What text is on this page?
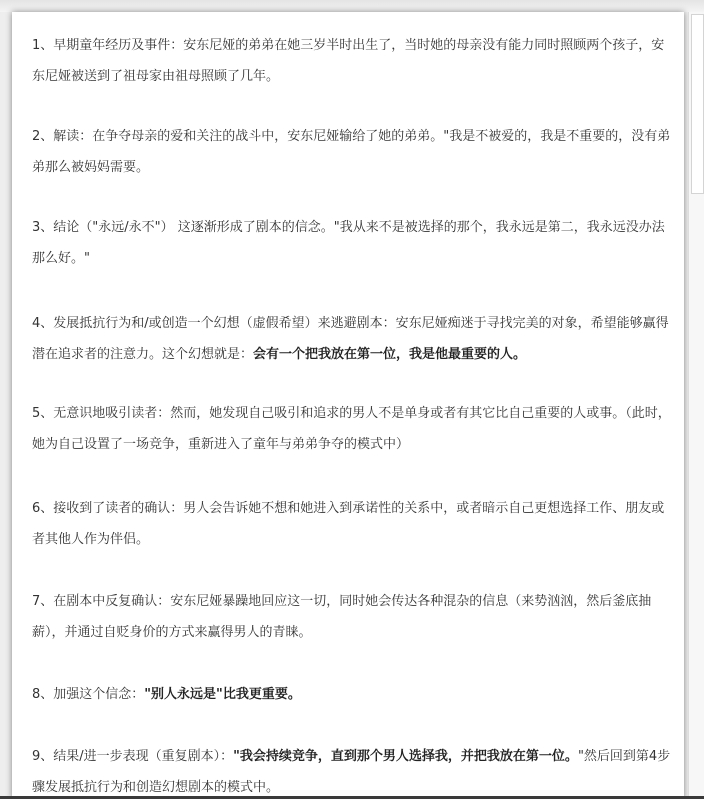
1、早期童年经历及事件：安东尼娅的弟弟在她三岁半时出生了，当时她的母亲没有能力同时照顾两个孩子，安东尼娅被送到了祖母家由祖母照顾了几年。

2、解读：在争夺母亲的爱和关注的战斗中，安东尼娅输给了她的弟弟。"我是不被爱的，我是不重要的，没有弟弟那么被妈妈需要。

3、结论（"永远/永不"） 这逐渐形成了剧本的信念。"我从来不是被选择的那个，我永远是第二，我永远没办法那么好。"

4、发展抵抗行为和/或创造一个幻想（虚假希望）来逃避剧本：安东尼娅痴迷于寻找完美的对象，希望能够赢得潜在追求者的注意力。这个幻想就是：会有一个把我放在第一位，我是他最重要的人。

5、无意识地吸引读者：然而，她发现自己吸引和追求的男人不是单身或者有其它比自己重要的人或事。（此时，她为自己设置了一场竞争，重新进入了童年与弟弟争夺的模式中）

6、接收到了读者的确认：男人会告诉她不想和她进入到承诺性的关系中，或者暗示自己更想选择工作、朋友或者其他人作为伴侣。

7、在剧本中反复确认：安东尼娅暴躁地回应这一切，同时她会传达各种混杂的信息（来势汹汹，然后釜底抽薪），并通过自贬身价的方式来赢得男人的青睐。

8、加强这个信念："别人永远是"比我更重要。

9、结果/进一步表现（重复剧本）："我会持续竞争，直到那个男人选择我，并把我放在第一位。"然后回到第4步骤发展抵抗行为和创造幻想剧本的模式中。
